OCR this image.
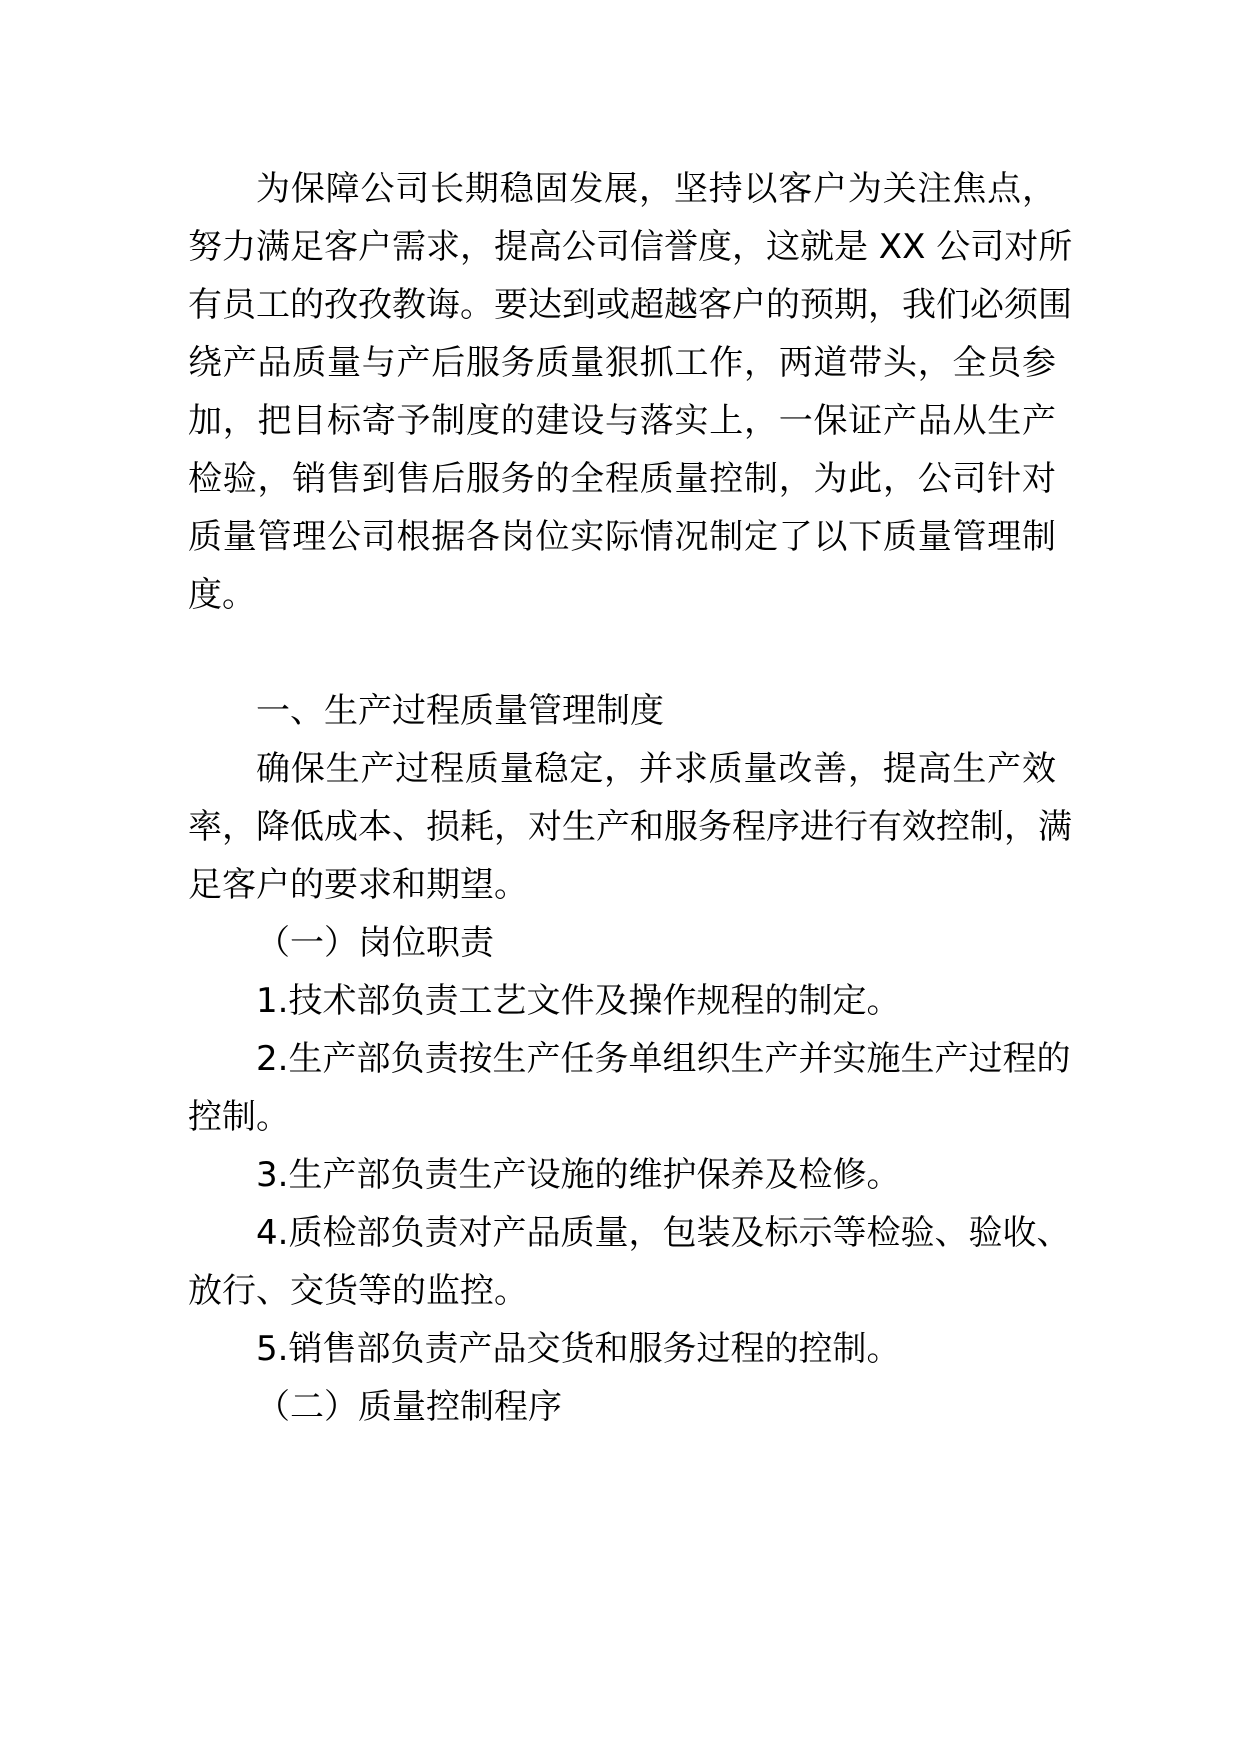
为保障公司长期稳固发展，坚持以客户为关注焦点，
努力满足客户需求，提高公司信誉度，这就是 XX 公司对所
有员工的孜孜教诲。要达到或超越客户的预期，我们必须围
绕产品质量与产后服务质量狠抓工作，两道带头，全员参
加，把目标寄予制度的建设与落实上，一保证产品从生产
检验，销售到售后服务的全程质量控制，为此，公司针对
质量管理公司根据各岗位实际情况制定了以下质量管理制
度。
一、生产过程质量管理制度
确保生产过程质量稳定，并求质量改善，提高生产效
率，降低成本、损耗，对生产和服务程序进行有效控制，满
足客户的要求和期望。
（一）岗位职责
1.技术部负责工艺文件及操作规程的制定。
2.生产部负责按生产任务单组织生产并实施生产过程的
控制。
3.生产部负责生产设施的维护保养及检修。
4.质检部负责对产品质量，包装及标示等检验、验收、
放行、交货等的监控。
5.销售部负责产品交货和服务过程的控制。
（二）质量控制程序
